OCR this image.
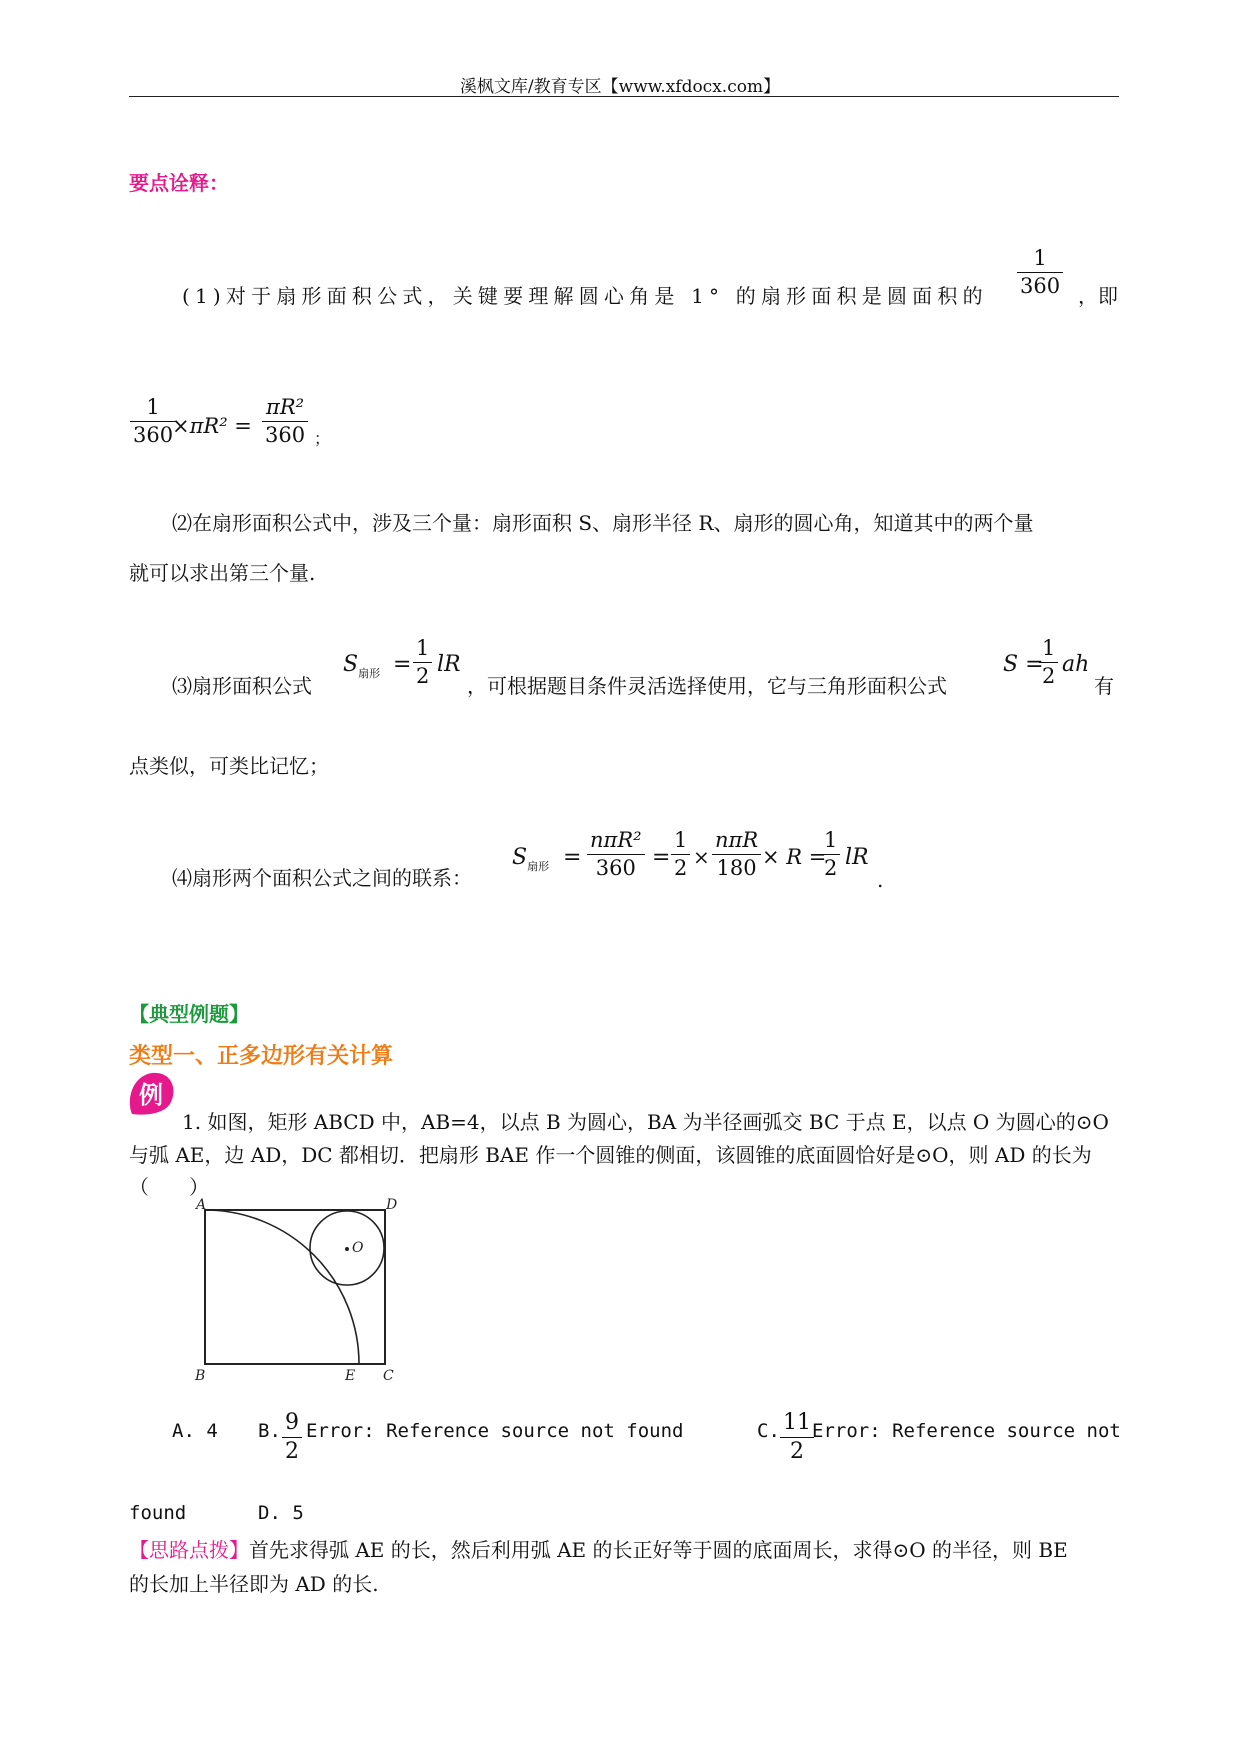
溪枫文库/教育专区【www.xfdocx.com】
要点诠释：
(1)对于扇形面积公式，关键要理解圆心角是 1° 的扇形面积是圆面积的
1
360 ，即
1
360
×πR² =
πR²
360 ；
⑵在扇形面积公式中，涉及三个量：扇形面积 S、扇形半径 R、扇形的圆心角，知道其中的两个量
就可以求出第三个量.
⑶扇形面积公式
$S_{扇形}$ =
1
2 lR
，可根据题目条件灵活选择使用，它与三角形面积公式
S =
1
2 ah
有
点类似，可类比记忆；
⑷扇形两个面积公式之间的联系：
$S_{扇形}$ =
nπR²
360 =
1
2 ×
nπR
180 × R =
1
2 lR
.
【典型例题】
类型一、正多边形有关计算
例
1. 如图，矩形 ABCD 中，AB=4，以点 B 为圆心，BA 为半径画弧交 BC 于点 E，以点 O 为圆心的⊙O
与弧 AE，边 AD，DC 都相切．把扇形 BAE 作一个圆锥的侧面，该圆锥的底面圆恰好是⊙O，则 AD 的长为
（　　）
A	D
B	E C
O
A. 4 B. 9
2
Error: Reference source not found	C. 11
2
Error: Reference source not
found	D. 5
【思路点拨】首先求得弧 AE 的长，然后利用弧 AE 的长正好等于圆的底面周长，求得⊙O 的半径，则 BE
的长加上半径即为 AD 的长.
